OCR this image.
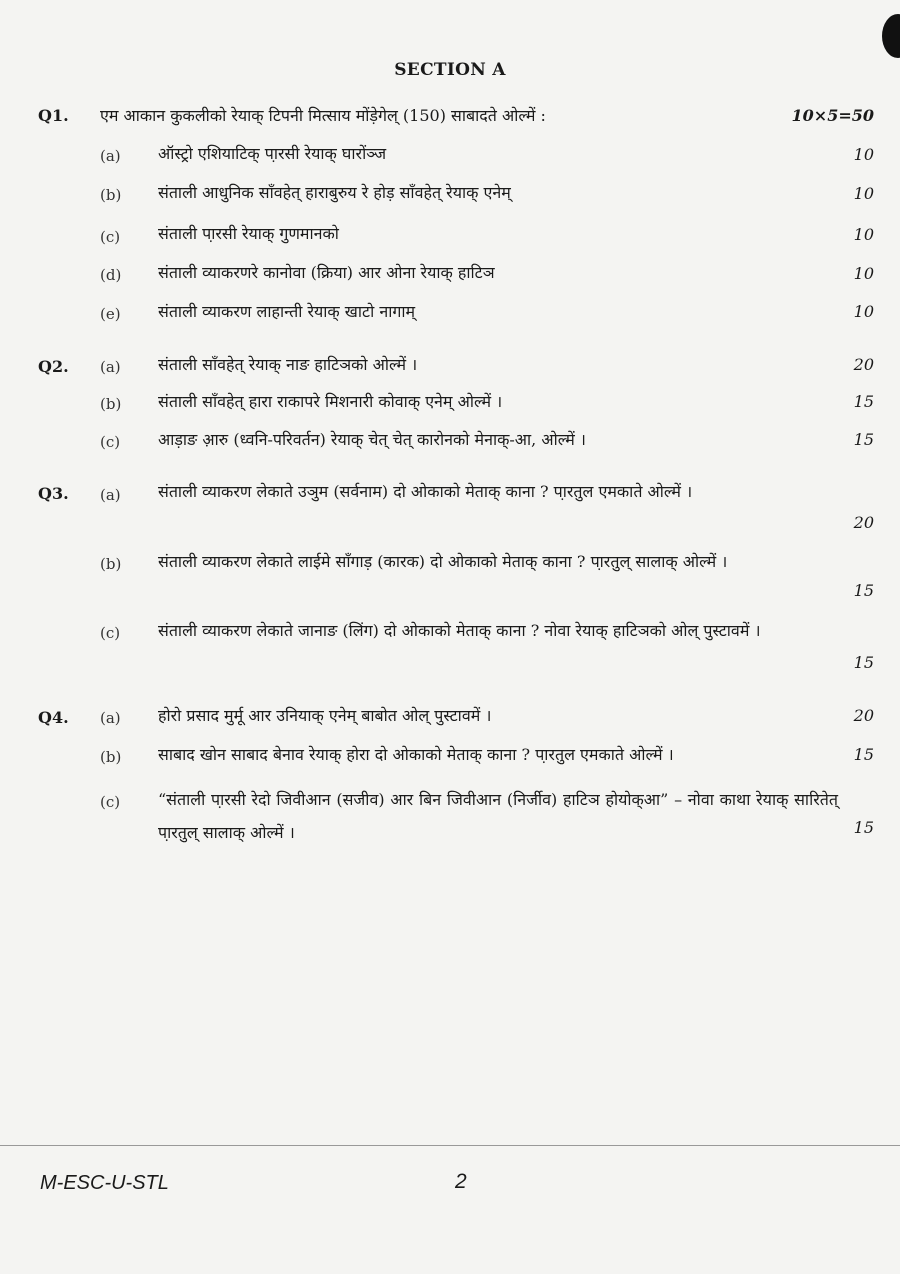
SECTION A
Q1. एम आकान कुकलीको रेयाक् टिपनी मित्साय मोंड़ेगेल् (150) साबादते ओल्में :	10×5=50
(a) ऑस्ट्रो एशियाटिक् पा़रसी रेयाक् घारोंञ्ज	10
(b) संताली आधुनिक साँवहेत् हाराबुरुय रे होड़ साँवहेत् रेयाक् एनेम्	10
(c) संताली पा़रसी रेयाक् गुणमानको	10
(d) संताली व्याकरणरे कानोवा (क्रिया) आर ओना रेयाक् हाटिञ	10
(e) संताली व्याकरण लाहान्ती रेयाक् खाटो नागाम्	10
Q2. (a) संताली साँवहेत् रेयाक् नाङ हाटिञको ओल्में ।	20
(b) संताली साँवहेत् हारा राकापरे मिशनारी कोवाक् एनेम् ओल्में ।	15
(c) आड़ाङ आ़रु (ध्वनि-परिवर्तन) रेयाक् चेत् चेत् कारोनको मेनाक्-आ, ओल्में ।	15
Q3. (a) संताली व्याकरण लेकाते उञुम (सर्वनाम) दो ओकाको मेताक् काना ? पा़रतुल एमकाते ओल्में ।
20
(b) संताली व्याकरण लेकाते लाईमे साँगाड़ (कारक) दो ओकाको मेताक् काना ? पा़रतुल् सालाक् ओल्में ।
15
(c) संताली व्याकरण लेकाते जानाङ (लिंग) दो ओकाको मेताक् काना ? नोवा रेयाक् हाटिञको ओल् पुस्टावमें ।
15
Q4. (a) होरो प्रसाद मुर्मू आर उनियाक् एनेम् बाबोत ओल् पुस्टावमें ।	20
(b) साबाद खोन साबाद बेनाव रेयाक् होरा दो ओकाको मेताक् काना ? पा़रतुल एमकाते ओल्में ।	15
(c) “संताली पा़रसी रेदो जिवीआन (सजीव) आर बिन जिवीआन (निर्जीव) हाटिञ होयोक्आ” – नोवा काथा रेयाक् सारितेत् पा़रतुल् सालाक् ओल्में ।	15
M-ESC-U-STL	2
